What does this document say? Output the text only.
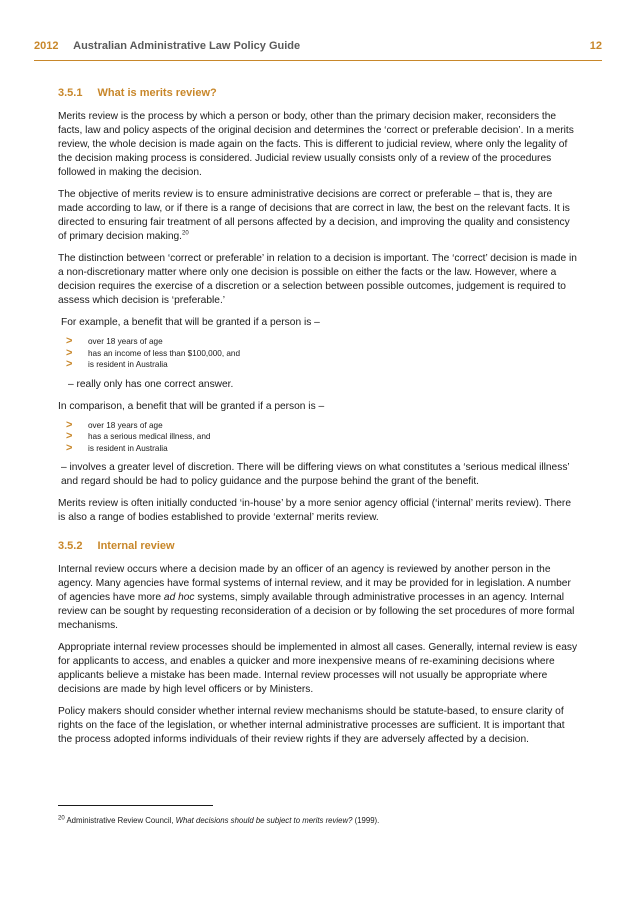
2012 Australian Administrative Law Policy Guide	12
3.5.1 What is merits review?

Merits review is the process by which a person or body, other than the primary decision maker, reconsiders the facts, law and policy aspects of the original decision and determines the ‘correct or preferable decision’. In a merits review, the whole decision is made again on the facts. This is different to judicial review, where only the legality of the decision making process is considered. Judicial review usually consists only of a review of the procedures followed in making the decision.

The objective of merits review is to ensure administrative decisions are correct or preferable – that is, they are made according to law, or if there is a range of decisions that are correct in law, the best on the relevant facts. It is directed to ensuring fair treatment of all persons affected by a decision, and improving the quality and consistency of primary decision making.$^{20}$

The distinction between ‘correct or preferable’ in relation to a decision is important. The ‘correct’ decision is made in a non-discretionary matter where only one decision is possible on either the facts or the law. However, where a decision requires the exercise of a discretion or a selection between possible outcomes, judgement is required to assess which decision is ‘preferable.’

For example, a benefit that will be granted if a person is –

> over 18 years of age
> has an income of less than $100,000, and
> is resident in Australia

– really only has one correct answer.

In comparison, a benefit that will be granted if a person is –

> over 18 years of age
> has a serious medical illness, and
> is resident in Australia

– involves a greater level of discretion. There will be differing views on what constitutes a ‘serious medical illness’ and regard should be had to policy guidance and the purpose behind the grant of the benefit.

Merits review is often initially conducted ‘in-house’ by a more senior agency official (‘internal’ merits review). There is also a range of bodies established to provide ‘external’ merits review.

3.5.2 Internal review

Internal review occurs where a decision made by an officer of an agency is reviewed by another person in the agency. Many agencies have formal systems of internal review, and it may be provided for in legislation. A number of agencies have more ad hoc systems, simply available through administrative processes in an agency. Internal review can be sought by requesting reconsideration of a decision or by following the set procedures of more formal mechanisms.

Appropriate internal review processes should be implemented in almost all cases. Generally, internal review is easy for applicants to access, and enables a quicker and more inexpensive means of re-examining decisions where applicants believe a mistake has been made. Internal review processes will not usually be appropriate where decisions are made by high level officers or by Ministers.

Policy makers should consider whether internal review mechanisms should be statute-based, to ensure clarity of rights on the face of the legislation, or whether internal administrative processes are sufficient. It is important that the process adopted informs individuals of their review rights if they are adversely affected by a decision.

$^{20}$ Administrative Review Council, What decisions should be subject to merits review? (1999).
